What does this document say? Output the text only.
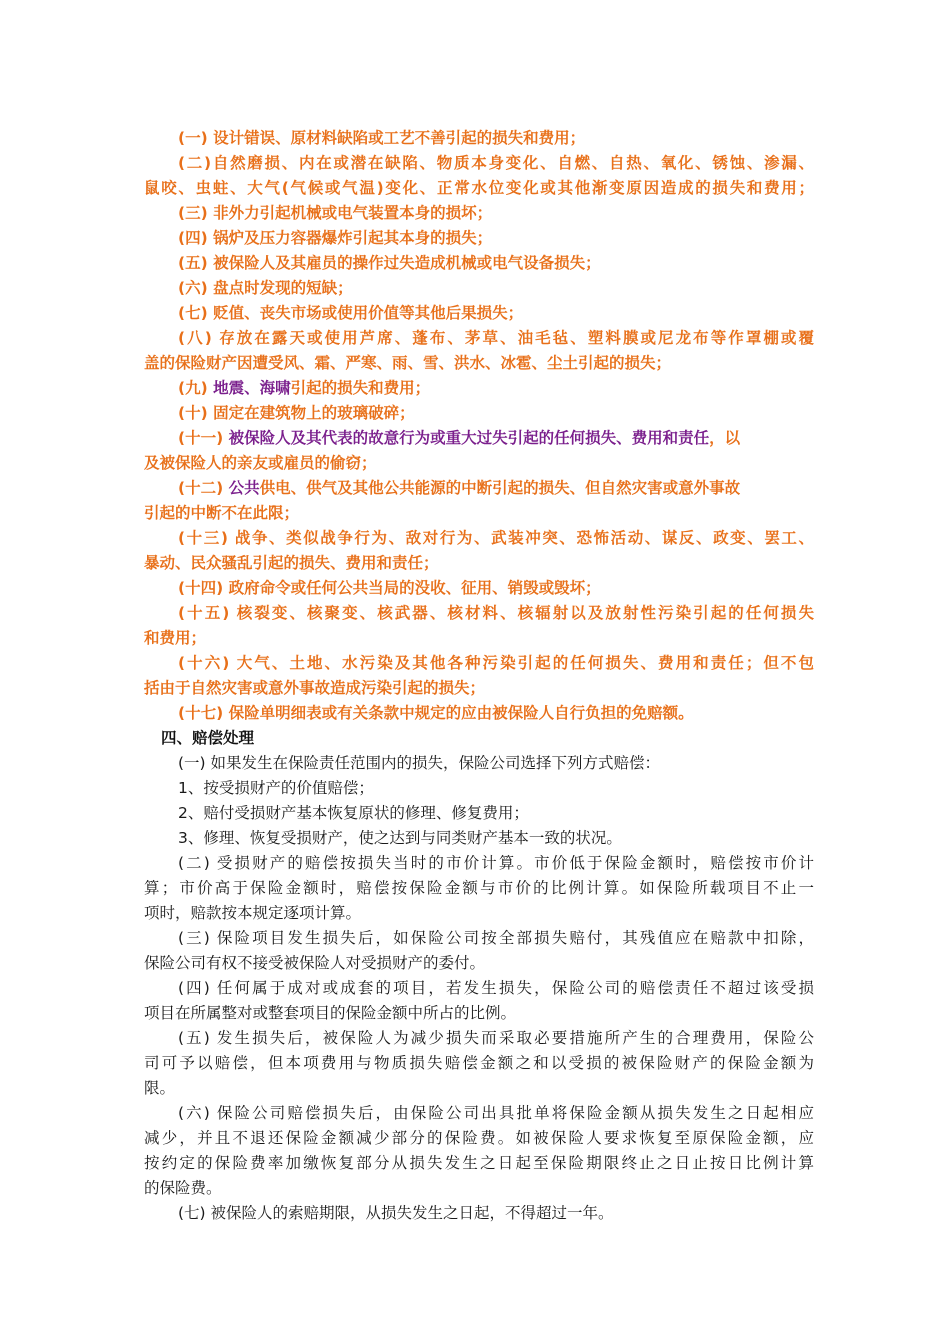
(一) 设计错误、原材料缺陷或工艺不善引起的损失和费用；
(二)自然磨损、内在或潜在缺陷、物质本身变化、自燃、自热、氧化、锈蚀、渗漏、
鼠咬、虫蛀、大气(气候或气温)变化、正常水位变化或其他渐变原因造成的损失和费用；
(三) 非外力引起机械或电气装置本身的损坏；
(四) 锅炉及压力容器爆炸引起其本身的损失；
(五) 被保险人及其雇员的操作过失造成机械或电气设备损失；
(六) 盘点时发现的短缺；
(七) 贬值、丧失市场或使用价值等其他后果损失；
(八) 存放在露天或使用芦席、蓬布、茅草、油毛毡、塑料膜或尼龙布等作罩棚或覆
盖的保险财产因遭受风、霜、严寒、雨、雪、洪水、冰雹、尘土引起的损失；
(九) 地震、海啸引起的损失和费用；
(十) 固定在建筑物上的玻璃破碎；
(十一) 被保险人及其代表的故意行为或重大过失引起的任何损失、费用和责任，以
及被保险人的亲友或雇员的偷窃；
(十二) 公共供电、供气及其他公共能源的中断引起的损失、但自然灾害或意外事故
引起的中断不在此限；
(十三) 战争、类似战争行为、敌对行为、武装冲突、恐怖活动、谋反、政变、罢工、
暴动、民众骚乱引起的损失、费用和责任；
(十四) 政府命令或任何公共当局的没收、征用、销毁或毁坏；
(十五) 核裂变、核聚变、核武器、核材料、核辐射以及放射性污染引起的任何损失
和费用；
(十六) 大气、土地、水污染及其他各种污染引起的任何损失、费用和责任；但不包
括由于自然灾害或意外事故造成污染引起的损失；
(十七) 保险单明细表或有关条款中规定的应由被保险人自行负担的免赔额。
四、赔偿处理
(一) 如果发生在保险责任范围内的损失，保险公司选择下列方式赔偿：
1、按受损财产的价值赔偿；
2、赔付受损财产基本恢复原状的修理、修复费用；
3、修理、恢复受损财产，使之达到与同类财产基本一致的状况。
(二) 受损财产的赔偿按损失当时的市价计算。市价低于保险金额时，赔偿按市价计
算；市价高于保险金额时，赔偿按保险金额与市价的比例计算。如保险所载项目不止一
项时，赔款按本规定逐项计算。
(三) 保险项目发生损失后，如保险公司按全部损失赔付，其残值应在赔款中扣除，
保险公司有权不接受被保险人对受损财产的委付。
(四) 任何属于成对或成套的项目，若发生损失，保险公司的赔偿责任不超过该受损
项目在所属整对或整套项目的保险金额中所占的比例。
(五) 发生损失后，被保险人为减少损失而采取必要措施所产生的合理费用，保险公
司可予以赔偿，但本项费用与物质损失赔偿金额之和以受损的被保险财产的保险金额为
限。
(六) 保险公司赔偿损失后，由保险公司出具批单将保险金额从损失发生之日起相应
减少，并且不退还保险金额减少部分的保险费。如被保险人要求恢复至原保险金额，应
按约定的保险费率加缴恢复部分从损失发生之日起至保险期限终止之日止按日比例计算
的保险费。
(七) 被保险人的索赔期限，从损失发生之日起，不得超过一年。
